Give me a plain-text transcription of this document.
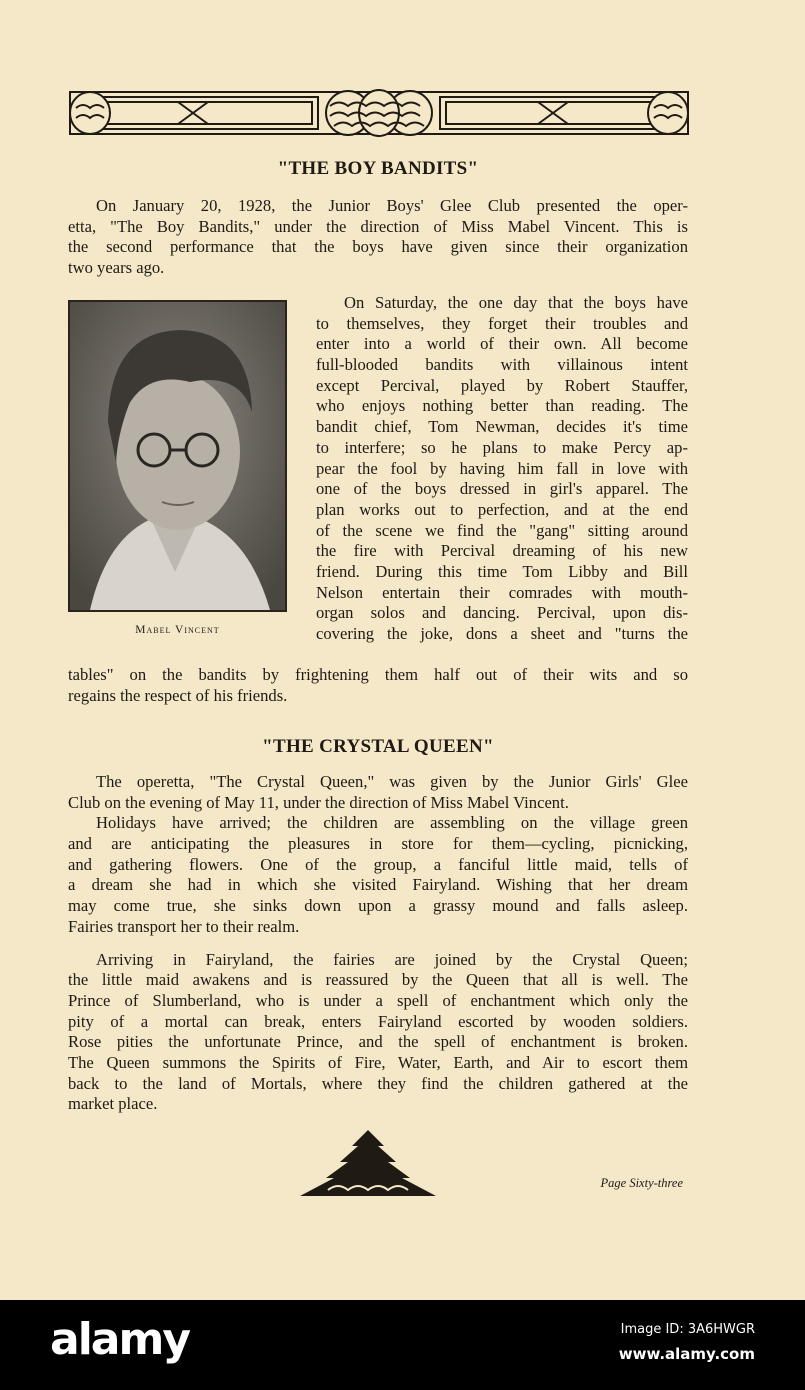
"THE BOY BANDITS"
On January 20, 1928, the Junior Boys' Glee Club presented the oper-
etta, "The Boy Bandits," under the direction of Miss Mabel Vincent. This is
the second performance that the boys have given since their organization
two years ago.
Mabel Vincent
On Saturday, the one day that the boys have
to themselves, they forget their troubles and
enter into a world of their own. All become
full-blooded bandits with villainous intent
except Percival, played by Robert Stauffer,
who enjoys nothing better than reading. The
bandit chief, Tom Newman, decides it's time
to interfere; so he plans to make Percy ap-
pear the fool by having him fall in love with
one of the boys dressed in girl's apparel. The
plan works out to perfection, and at the end
of the scene we find the "gang" sitting around
the fire with Percival dreaming of his new
friend. During this time Tom Libby and Bill
Nelson entertain their comrades with mouth-
organ solos and dancing. Percival, upon dis-
covering the joke, dons a sheet and "turns the
tables" on the bandits by frightening them half out of their wits and so
regains the respect of his friends.
"THE CRYSTAL QUEEN"
The operetta, "The Crystal Queen," was given by the Junior Girls' Glee
Club on the evening of May 11, under the direction of Miss Mabel Vincent.
Holidays have arrived; the children are assembling on the village green
and are anticipating the pleasures in store for them—cycling, picnicking,
and gathering flowers. One of the group, a fanciful little maid, tells of
a dream she had in which she visited Fairyland. Wishing that her dream
may come true, she sinks down upon a grassy mound and falls asleep.
Fairies transport her to their realm.
Arriving in Fairyland, the fairies are joined by the Crystal Queen;
the little maid awakens and is reassured by the Queen that all is well. The
Prince of Slumberland, who is under a spell of enchantment which only the
pity of a mortal can break, enters Fairyland escorted by wooden soldiers.
Rose pities the unfortunate Prince, and the spell of enchantment is broken.
The Queen summons the Spirits of Fire, Water, Earth, and Air to escort them
back to the land of Mortals, where they find the children gathered at the
market place.
Page Sixty-three
alamy	Image ID: 3A6HWGR
www.alamy.com
